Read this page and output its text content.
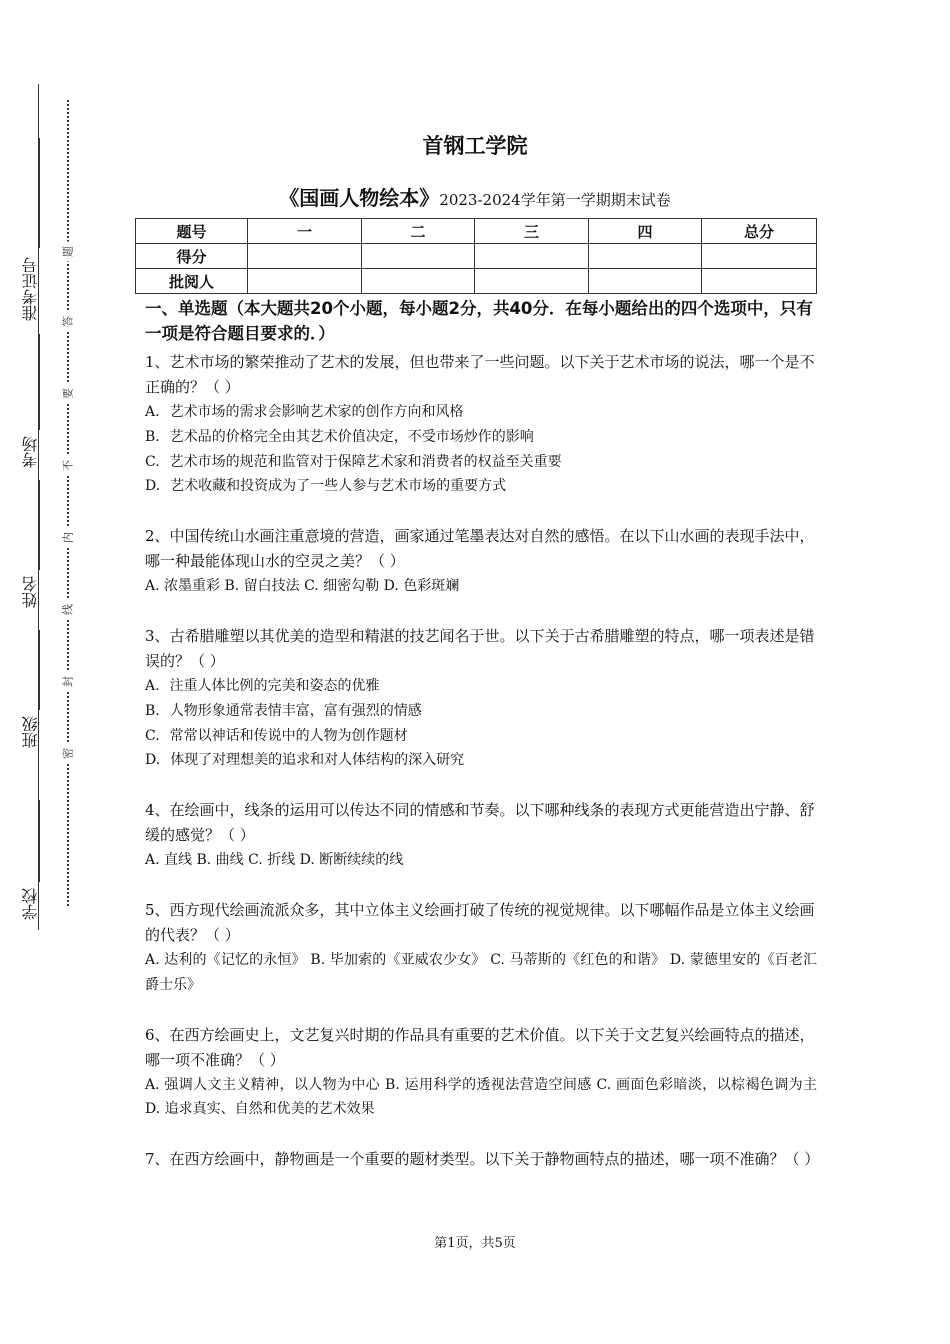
准考证号
考场
姓名
班级
学校
题
答
要
不
内
线
封
密
首钢工学院
《国画人物绘本》2023-2024学年第一学期期末试卷
题号	一	二	三	四	总分
得分					
批阅人					
一、单选题（本大题共20个小题，每小题2分，共40分．在每小题给出的四个选项中，只有一项是符合题目要求的．）
1、艺术市场的繁荣推动了艺术的发展，但也带来了一些问题。以下关于艺术市场的说法，哪一个是不正确的？（ ）
A. 艺术市场的需求会影响艺术家的创作方向和风格
B. 艺术品的价格完全由其艺术价值决定，不受市场炒作的影响
C. 艺术市场的规范和监管对于保障艺术家和消费者的权益至关重要
D. 艺术收藏和投资成为了一些人参与艺术市场的重要方式
2、中国传统山水画注重意境的营造，画家通过笔墨表达对自然的感悟。在以下山水画的表现手法中，哪一种最能体现山水的空灵之美？（ ）
A. 浓墨重彩 B. 留白技法 C. 细密勾勒 D. 色彩斑斓
3、古希腊雕塑以其优美的造型和精湛的技艺闻名于世。以下关于古希腊雕塑的特点，哪一项表述是错误的？（ ）
A. 注重人体比例的完美和姿态的优雅
B. 人物形象通常表情丰富，富有强烈的情感
C. 常常以神话和传说中的人物为创作题材
D. 体现了对理想美的追求和对人体结构的深入研究
4、在绘画中，线条的运用可以传达不同的情感和节奏。以下哪种线条的表现方式更能营造出宁静、舒缓的感觉？（ ）
A. 直线 B. 曲线 C. 折线 D. 断断续续的线
5、西方现代绘画流派众多，其中立体主义绘画打破了传统的视觉规律。以下哪幅作品是立体主义绘画的代表？（ ）
A. 达利的《记忆的永恒》 B. 毕加索的《亚威农少女》 C. 马蒂斯的《红色的和谐》 D. 蒙德里安的《百老汇爵士乐》
6、在西方绘画史上，文艺复兴时期的作品具有重要的艺术价值。以下关于文艺复兴绘画特点的描述，哪一项不准确？（ ）
A. 强调人文主义精神，以人物为中心 B. 运用科学的透视法营造空间感 C. 画面色彩暗淡，以棕褐色调为主 D. 追求真实、自然和优美的艺术效果
7、在西方绘画中，静物画是一个重要的题材类型。以下关于静物画特点的描述，哪一项不准确？（ ）
第1页，共5页
